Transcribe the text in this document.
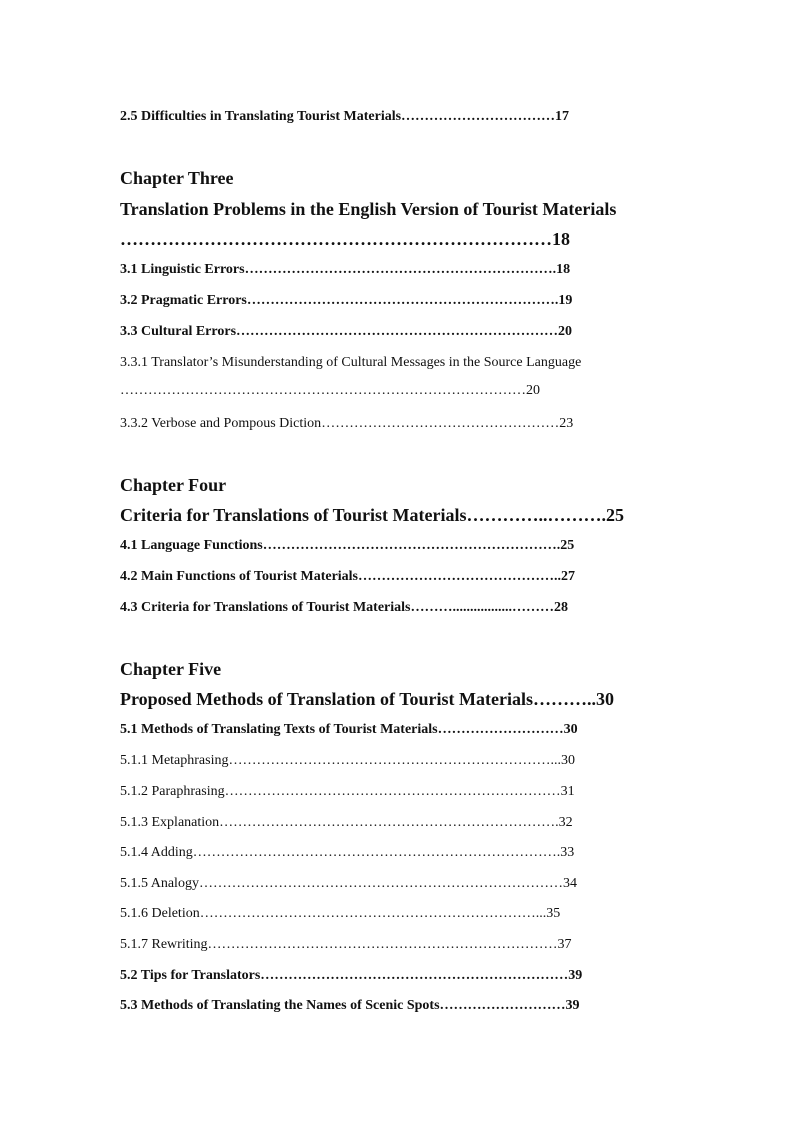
2.5 Difficulties in Translating Tourist Materials……………………………17
Chapter Three
Translation Problems in the English Version of Tourist Materials
………………………………………………………………18
3.1 Linguistic Errors………………………………………………………….18
3.2 Pragmatic Errors………………………………………………………….19
3.3 Cultural Errors……………………………………………………………20
3.3.1 Translator’s Misunderstanding of Cultural Messages in the Source Language
……………………………………………………………………………20
3.3.2 Verbose and Pompous Diction……………………………………………23
Chapter Four
Criteria for Translations of Tourist Materials…………..……….25
4.1 Language Functions……………………………………………………….25
4.2 Main Functions of Tourist Materials……………………………………..27
4.3 Criteria for Translations of Tourist Materials……….................………28
Chapter Five
Proposed Methods of Translation of Tourist Materials………..30
5.1 Methods of Translating Texts of Tourist Materials………………………30
5.1.1 Metaphrasing……………………………………………………………...30
5.1.2 Paraphrasing………………………………………………………………31
5.1.3 Explanation……………………………………………………………….32
5.1.4 Adding…………………………………………………………………….33
5.1.5 Analogy……………………………………………………………………34
5.1.6 Deletion………………………………………………………………...35
5.1.7 Rewriting…………………………………………………………………37
5.2 Tips for Translators…………………………………………………………39
5.3 Methods of Translating the Names of Scenic Spots………………………39
